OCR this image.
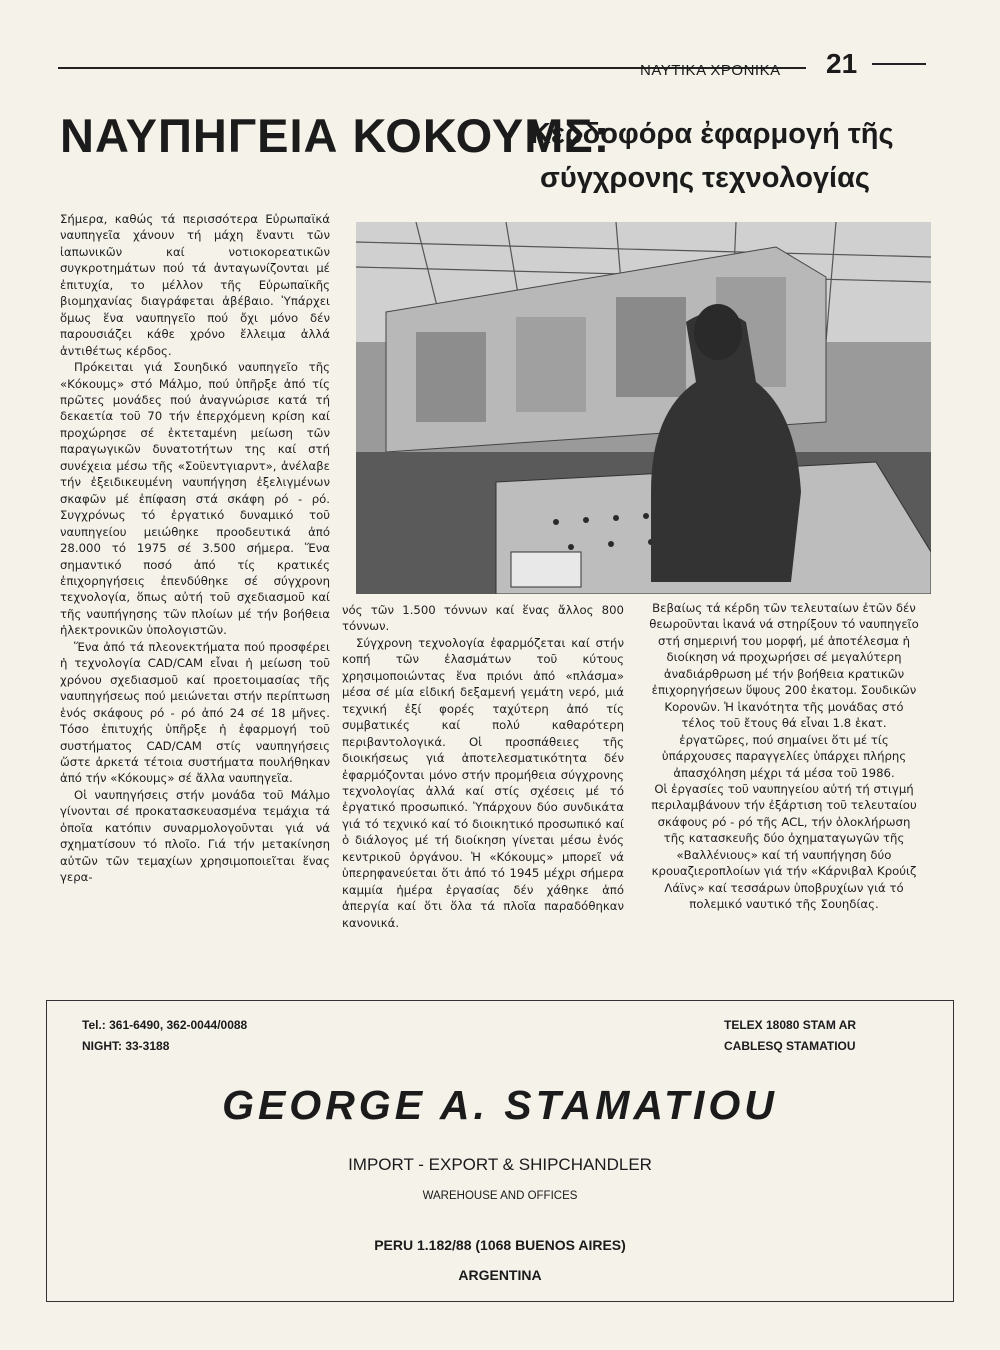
ΝΑΥΤΙΚΑ ΧΡΟΝΙΚΑ 21
ΝΑΥΠΗΓΕΙΑ ΚΟΚΟΥΜΣ:
Κερδοφόρα ἐφαρμογή τῆς
σύγχρονης τεχνολογίας

Σήμερα, καθώς τά περισσότερα Εὐρωπαϊκά ναυπηγεῖα χάνουν τή μάχη ἔναντι τῶν ἰαπωνικῶν καί νοτιοκορεατικῶν συγκροτημάτων πού τά ἀνταγωνίζονται μέ ἐπιτυχία, το μέλλον τῆς Εὐρωπαϊκῆς βιομηχανίας διαγράφεται ἀβέβαιο. Ὑπάρχει ὅμως ἕνα ναυπηγεῖο πού ὄχι μόνο δέν παρουσιάζει κάθε χρόνο ἔλλειμα ἀλλά ἀντιθέτως κέρδος.

Πρόκειται γιά Σουηδικό ναυπηγεῖο τῆς «Κόκουμς» στό Μάλμο, πού ὑπῆρξε ἀπό τίς πρῶτες μονάδες πού ἀναγνώρισε κατά τή δεκαετία τοῦ 70 τήν ἐπερχόμενη κρίση καί προχώρησε σέ ἐκτεταμένη μείωση τῶν παραγωγικῶν δυνατοτήτων της καί στή συνέχεια μέσω τῆς «Σοϋεντγιαρντ», ἀνέλαβε τήν ἐξειδικευμένη ναυπήγηση ἐξελιγμένων σκαφῶν μέ ἐπίφαση στά σκάφη ρό - ρό. Συγχρόνως τό ἐργατικό δυναμικό τοῦ ναυπηγείου μειώθηκε προοδευτικά ἀπό 28.000 τό 1975 σέ 3.500 σήμερα. Ἕνα σημαντικό ποσό ἀπό τίς κρατικές ἐπιχορηγήσεις ἐπενδύθηκε σέ σύγχρονη τεχνολογία, ὅπως αὐτή τοῦ σχεδιασμοῦ καί τῆς ναυπήγησης τῶν πλοίων μέ τήν βοήθεια ἠλεκτρονικῶν ὑπολογιστῶν.

Ἕνα ἀπό τά πλεονεκτήματα πού προσφέρει ἡ τεχνολογία CAD/CAM εἶναι ἡ μείωση τοῦ χρόνου σχεδιασμοῦ καί προετοιμασίας τῆς ναυπηγήσεως πού μειώνεται στήν περίπτωση ἑνός σκάφους ρό - ρό ἀπό 24 σέ 18 μῆνες. Τόσο ἐπιτυχής ὑπῆρξε ἡ ἐφαρμογή τοῦ συστήματος CAD/CAM στίς ναυπηγήσεις ὥστε ἀρκετά τέτοια συστήματα πουλήθηκαν ἀπό τήν «Κόκουμς» σέ ἄλλα ναυπηγεῖα.

Οἱ ναυπηγήσεις στήν μονάδα τοῦ Μάλμο γίνονται σέ προκατασκευασμένα τεμάχια τά ὁποῖα κατόπιν συναρμολογοῦνται γιά νά σχηματίσουν τό πλοῖο. Γιά τήν μετακίνηση αὐτῶν τῶν τεμαχίων χρησιμοποιεῖται ἕνας γερα-

νός τῶν 1.500 τόννων καί ἕνας ἄλλος 800 τόννων.

Σύγχρονη τεχνολογία ἐφαρμόζεται καί στήν κοπή τῶν ἐλασμάτων τοῦ κύτους χρησιμοποιώντας ἕνα πριόνι ἀπό «πλάσμα» μέσα σέ μία εἰδική δεξαμενή γεμάτη νερό, μιά τεχνική ἐξί φορές ταχύτερη ἀπό τίς συμβατικές καί πολύ καθαρότερη περιβαντολογικά. Οἱ προσπάθειες τῆς διοικήσεως γιά ἀποτελεσματικότητα δέν ἐφαρμόζονται μόνο στήν προμήθεια σύγχρονης τεχνολογίας ἀλλά καί στίς σχέσεις μέ τό ἐργατικό προσωπικό. Ὑπάρχουν δύο συνδικάτα γιά τό τεχνικό καί τό διοικητικό προσωπικό καί ὁ διάλογος μέ τή διοίκηση γίνεται μέσω ἑνός κεντρικοῦ ὀργάνου. Ἡ «Κόκουμς» μπορεῖ νά ὑπερηφανεύεται ὅτι ἀπό τό 1945 μέχρι σήμερα καμμία ἡμέρα ἐργασίας δέν χάθηκε ἀπό ἀπεργία καί ὅτι ὅλα τά πλοῖα παραδόθηκαν κανονικά.

Βεβαίως τά κέρδη τῶν τελευταίων ἐτῶν δέν θεωροῦνται ἱκανά νά στηρίξουν τό ναυπηγεῖο στή σημερινή του μορφή, μέ ἀποτέλεσμα ἡ διοίκηση νά προχωρήσει σέ μεγαλύτερη ἀναδιάρθρωση μέ τήν βοήθεια κρατικῶν ἐπιχορηγήσεων ὕψους 200 ἑκατομ. Σουδικῶν Κορονῶν. Ἡ ἱκανότητα τῆς μονάδας στό τέλος τοῦ ἔτους θά εἶναι 1.8 ἑκατ. ἐργατῶρες, πού σημαίνει ὅτι μέ τίς ὑπάρχουσες παραγγελίες ὑπάρχει πλήρης ἀπασχόληση μέχρι τά μέσα τοῦ 1986.

Οἱ ἐργασίες τοῦ ναυπηγείου αὐτή τή στιγμή περιλαμβάνουν τήν ἐξάρτιση τοῦ τελευταίου σκάφους ρό - ρό τῆς ACL, τήν ὁλοκλήρωση τῆς κατασκευῆς δύο ὀχηματαγωγῶν τῆς «Βαλλένιους» καί τή ναυπήγηση δύο κρουαζιεροπλοίων γιά τήν «Κάρνιβαλ Κρούιζ Λάϊνς» καί τεσσάρων ὑποβρυχίων γιά τό πολεμικό ναυτικό τῆς Σουηδίας.

Tel.: 361-6490, 362-0044/0088
NIGHT: 33-3188
TELEX 18080 STAM AR
CABLESQ STAMATIOU
GEORGE A. STAMATIOU
IMPORT - EXPORT & SHIPCHANDLER
WAREHOUSE AND OFFICES
PERU 1.182/88 (1068 BUENOS AIRES)
ARGENTINA
